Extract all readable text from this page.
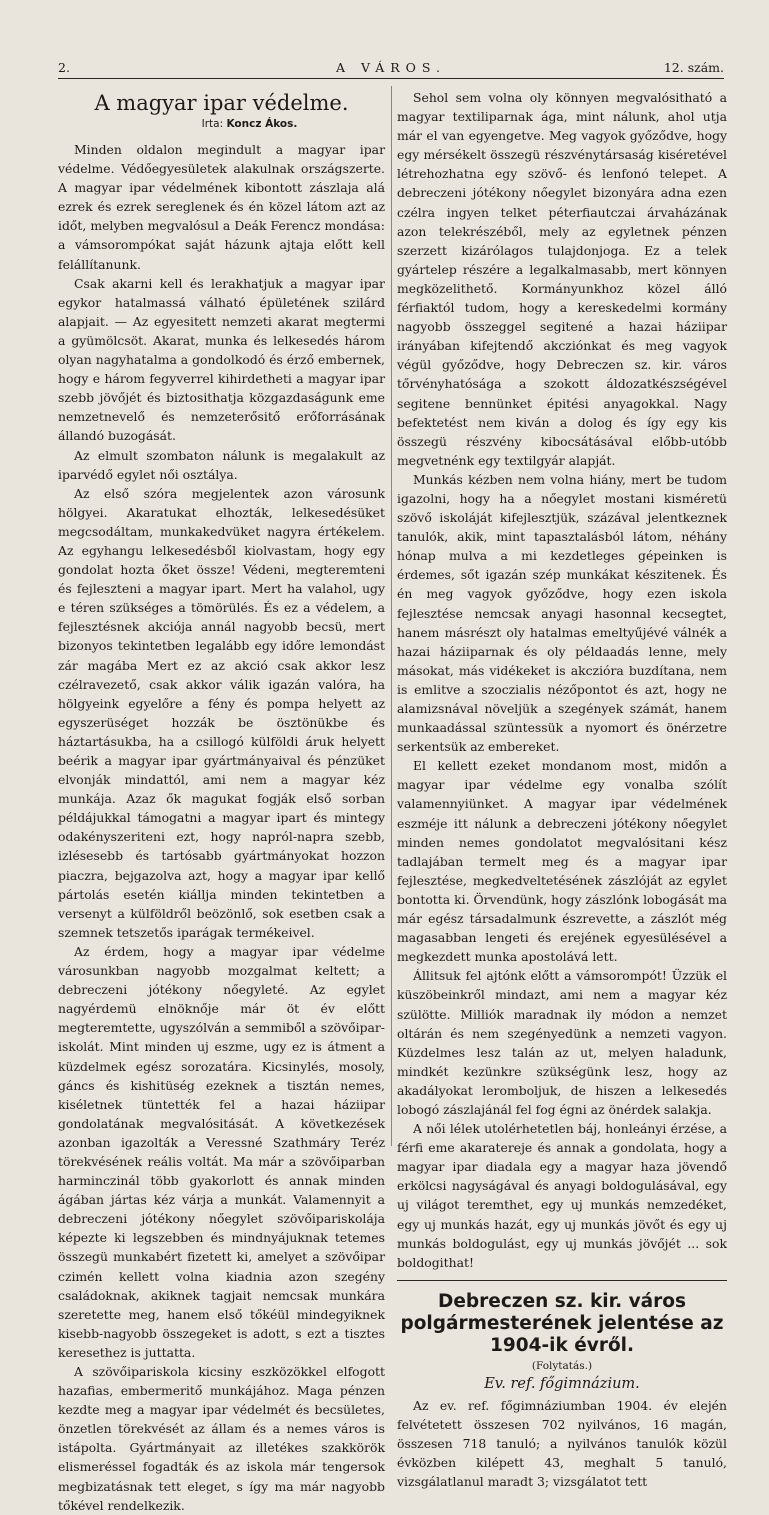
2.	A VÁROS.	12. szám.
A magyar ipar védelme.
Irta: Koncz Ákos.

Minden oldalon megindult a magyar ipar védelme. Védőegyesületek alakulnak országszerte. A magyar ipar védelmének kibontott zászlaja alá ezrek és ezrek sereglenek és én közel látom azt az időt, melyben megvalósul a Deák Ferencz mondása: a vámsorompókat saját házunk ajtaja előtt kell felállítanunk.

Csak akarni kell és lerakhatjuk a magyar ipar egykor hatalmassá válható épületének szilárd alapjait. — Az egyesitett nemzeti akarat megtermi a gyümölcsöt. Akarat, munka és lelkesedés három olyan nagyhatalma a gondolkodó és érző embernek, hogy e három fegyverrel kihirdetheti a magyar ipar szebb jövőjét és biztosithatja közgazdaságunk eme nemzetnevelő és nemzeterősitő erőforrásának állandó buzogását.

Az elmult szombaton nálunk is megalakult az iparvédő egylet női osztálya.

Az első szóra megjelentek azon városunk hölgyei. Akaratukat elhozták, lelkesedésüket megcsodáltam, munkakedvüket nagyra értékelem. Az egyhangu lelkesedésből kiolvastam, hogy egy gondolat hozta őket össze! Védeni, megteremteni és fejleszteni a magyar ipart. Mert ha valahol, ugy e téren szükséges a tömörülés. És ez a védelem, a fejlesztésnek akciója annál nagyobb becsü, mert bizonyos tekintetben legalább egy időre lemondást zár magába Mert ez az akció csak akkor lesz czélravezető, csak akkor válik igazán valóra, ha hölgyeink egyelőre a fény és pompa helyett az egyszerüséget hozzák be ösztönükbe és háztartásukba, ha a csillogó külföldi áruk helyett beérik a magyar ipar gyártmányaival és pénzüket elvonják mindattól, ami nem a magyar kéz munkája. Azaz ők magukat fogják első sorban példájukkal támogatni a magyar ipart és mintegy odakényszeriteni ezt, hogy napról-napra szebb, izlésesebb és tartósabb gyártmányokat hozzon piaczra, bejgazolva azt, hogy a magyar ipar kellő pártolás esetén kiállja minden tekintetben a versenyt a külföldről beözönlő, sok esetben csak a szemnek tetszetős iparágak termékeivel.

Az érdem, hogy a magyar ipar védelme városunkban nagyobb mozgalmat keltett; a debreczeni jótékony nőegyleté. Az egylet nagyérdemü elnöknője már öt év előtt megteremtette, ugyszólván a semmiből a szövőipar-iskolát. Mint minden uj eszme, ugy ez is átment a küzdelmek egész sorozatára. Kicsinylés, mosoly, gáncs és kishitüség ezeknek a tisztán nemes, kiséletnek tüntették fel a hazai háziipar gondolatának megvalósitását. A következések azonban igazolták a Veressné Szathmáry Teréz törekvésének reális voltát. Ma már a szövőiparban harminczinál több gyakorlott és annak minden ágában jártas kéz várja a munkát. Valamennyit a debreczeni jótékony nőegylet szövőipariskolája képezte ki legszebben és mindnyájuknak tetemes összegü munkabért fizetett ki, amelyet a szövőipar czimén kellett volna kiadnia azon szegény családoknak, akiknek tagjait nemcsak munkára szeretette meg, hanem első tőkéül mindegyiknek kisebb-nagyobb összegeket is adott, s ezt a tisztes keresethez is juttatta.

A szövőipariskola kicsiny eszközökkel elfogott hazafias, embermeritő munkájához. Maga pénzen kezdte meg a magyar ipar védelmét és becsületes, önzetlen törekvését az állam és a nemes város is istápolta. Gyártmányait az illetékes szakkörök elismeréssel fogadták és az iskola már tengersok megbizatásnak tett eleget, s így ma már nagyobb tőkével rendelkezik.

Sehol sem volna oly könnyen megvalósitható a magyar textiliparnak ága, mint nálunk, ahol utja már el van egyengetve. Meg vagyok győződve, hogy egy mérsékelt összegü részvénytársaság kiséretével létrehozhatna egy szövő- és lenfonó telepet. A debreczeni jótékony nőegylet bizonyára adna ezen czélra ingyen telket péterfiautczai árvaházának azon telekrészéből, mely az egyletnek pénzen szerzett kizárólagos tulajdonjoga. Ez a telek gyártelep részére a legalkalmasabb, mert könnyen megközelithető. Kormányunkhoz közel álló férfiaktól tudom, hogy a kereskedelmi kormány nagyobb összeggel segitené a hazai háziipar irányában kifejtendő akcziónkat és meg vagyok végül győződve, hogy Debreczen sz. kir. város tőrvényhatósága a szokott áldozatkészségével segitene bennünket épitési anyagokkal. Nagy befektetést nem kiván a dolog és így egy kis összegü részvény kibocsátásával előbb-utóbb megvetnénk egy textilgyár alapját.

Munkás kézben nem volna hiány, mert be tudom igazolni, hogy ha a nőegylet mostani kisméretü szövő iskoláját kifejlesztjük, százával jelentkeznek tanulók, akik, mint tapasztalásból látom, néhány hónap mulva a mi kezdetleges gépeinken is érdemes, sőt igazán szép munkákat készitenek. És én meg vagyok győződve, hogy ezen iskola fejlesztése nemcsak anyagi hasonnal kecsegtet, hanem másrészt oly hatalmas emeltyűjévé válnék a hazai háziiparnak és oly példaadás lenne, mely másokat, más vidékeket is akczióra buzdítana, nem is emlitve a szoczialis nézőpontot és azt, hogy ne alamizsnával növeljük a szegények számát, hanem munkaadással szüntessük a nyomort és önérzetre serkentsük az embereket.

El kellett ezeket mondanom most, midőn a magyar ipar védelme egy vonalba szólít valamennyiünket. A magyar ipar védelmének eszméje itt nálunk a debreczeni jótékony nőegylet minden nemes gondolatot megvalósitani kész tadlajában termelt meg és a magyar ipar fejlesztése, megkedveltetésének zászlóját az egylet bontotta ki. Örvendünk, hogy zászlónk lobogását ma már egész társadalmunk észrevette, a zászlót még magasabban lengeti és erejének egyesülésével a megkezdett munka apostolává lett.

Állitsuk fel ajtónk előtt a vámsorompót! Üzzük el küszöbeinkről mindazt, ami nem a magyar kéz szülötte. Milliók maradnak ily módon a nemzet oltárán és nem szegényedünk a nemzeti vagyon. Küzdelmes lesz talán az ut, melyen haladunk, mindkét kezünkre szükségünk lesz, hogy az akadályokat leromboljuk, de hiszen a lelkesedés lobogó zászlajánál fel fog égni az önérdek salakja.

A női lélek utolérhetetlen báj, honleányi érzése, a férfi eme akaratereje és annak a gondolata, hogy a magyar ipar diadala egy a magyar haza jövendő erkölcsi nagyságával és anyagi boldogulásával, egy uj világot teremthet, egy uj munkás nemzedéket, egy uj munkás hazát, egy uj munkás jövőt és egy uj munkás boldogulást, egy uj munkás jövőjét ... sok boldogithat!

Debreczen sz. kir. város polgármesterének jelentése az 1904-ik évről.
(Folytatás.)
Ev. ref. főgimnázium.

Az ev. ref. főgimnáziumban 1904. év elején felvétetett összesen 702 nyilvános, 16 magán, összesen 718 tanuló; a nyilvános tanulók közül évközben kilépett 43, meghalt 5 tanuló, vizsgálatlanul maradt 3; vizsgálatot tett
